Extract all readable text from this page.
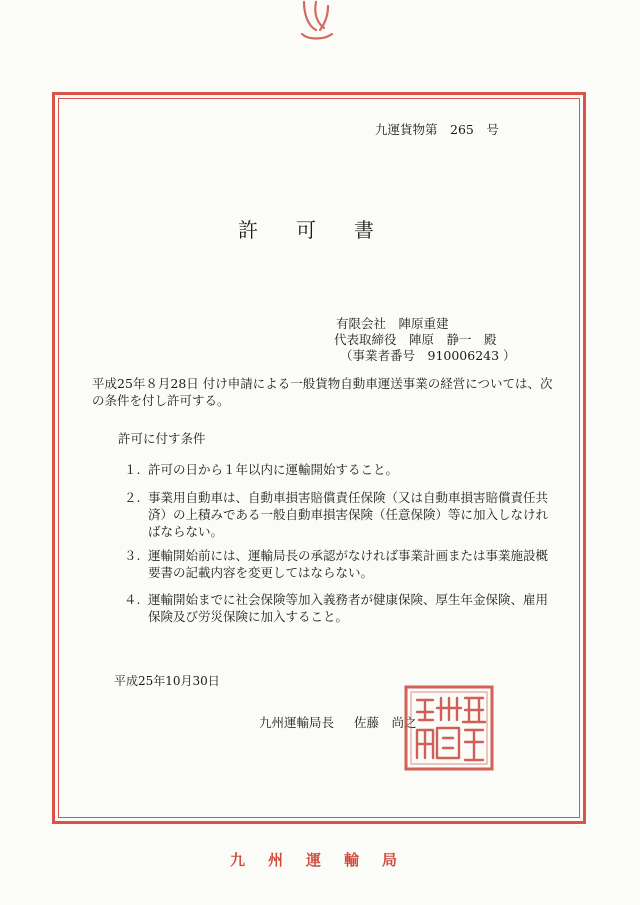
九運貨物第　265　号
許可書
有限会社　陣原重建
代表取締役　陣原　静一　殿
（事業者番号　910006243 ）
平成25年８月28日 付け申請による一般貨物自動車運送事業の経営については、次の条件を付し許可する。
許可に付す条件
１. 許可の日から１年以内に運輸開始すること。
２. 事業用自動車は、自動車損害賠償責任保険（又は自動車損害賠償責任共済）の上積みである一般自動車損害保険（任意保険）等に加入しなければならない。
３. 運輸開始前には、運輸局長の承認がなければ事業計画または事業施設概要書の記載内容を変更してはならない。
４. 運輸開始までに社会保険等加入義務者が健康保険、厚生年金保険、雇用保険及び労災保険に加入すること。
平成25年10月30日
九州運輸局長 佐藤　尚之
九州運輸局
